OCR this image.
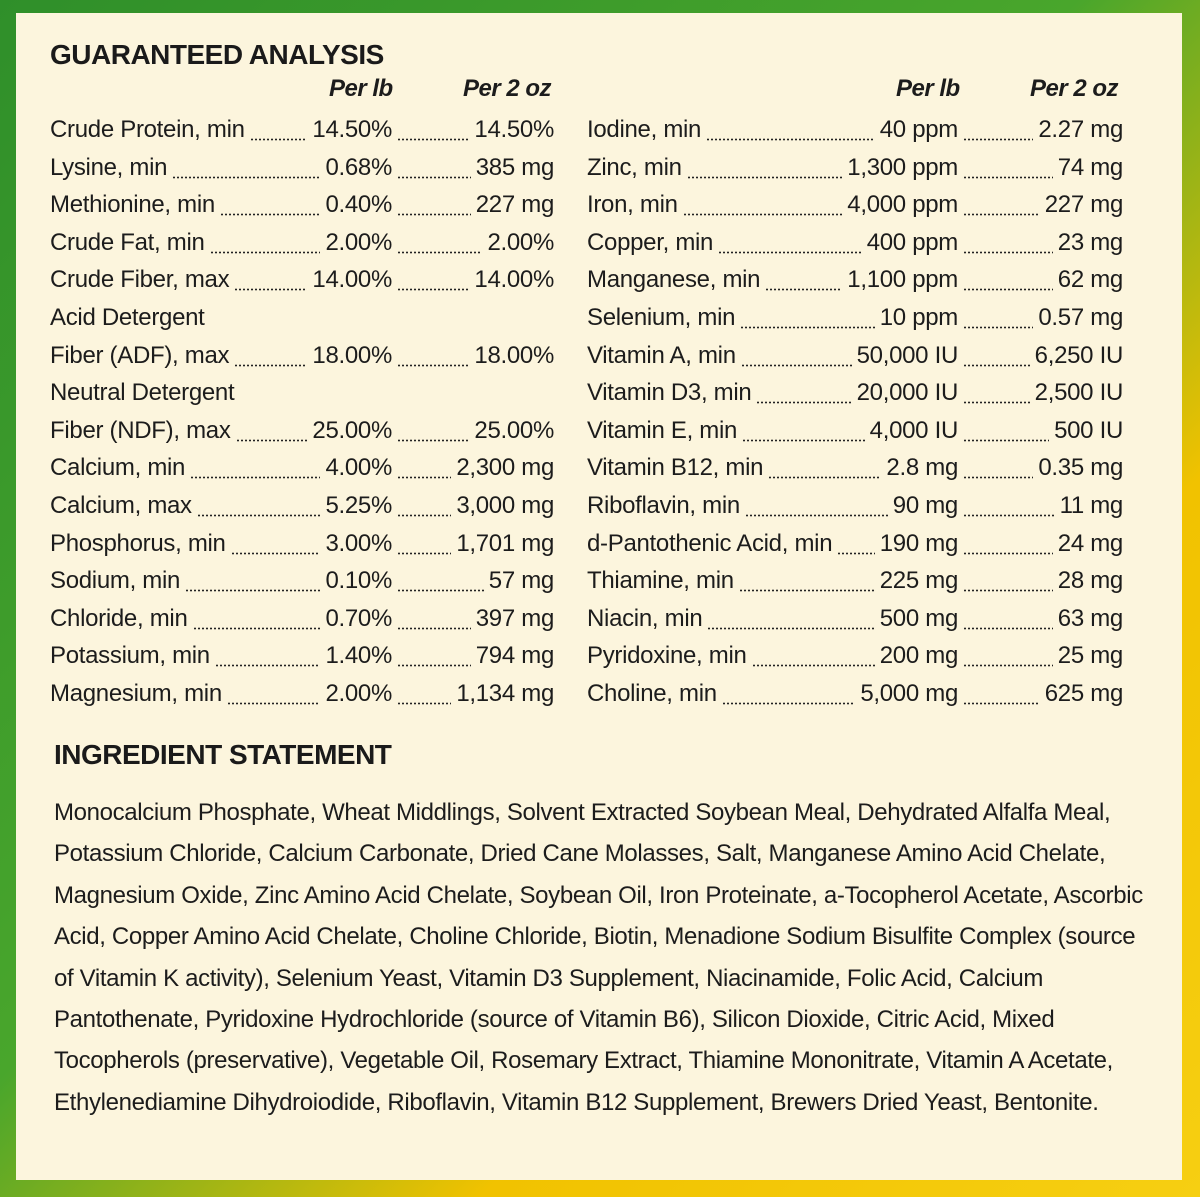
GUARANTEED ANALYSIS
Per lb	Per 2 oz	Per lb	Per 2 oz
Crude Protein, min	14.50%	14.50%
Lysine, min	0.68%	385 mg
Methionine, min	0.40%	227 mg
Crude Fat, min	2.00%	2.00%
Crude Fiber, max	14.00%	14.00%
Acid Detergent
Fiber (ADF), max	18.00%	18.00%
Neutral Detergent
Fiber (NDF), max	25.00%	25.00%
Calcium, min	4.00%	2,300 mg
Calcium, max	5.25%	3,000 mg
Phosphorus, min	3.00%	1,701 mg
Sodium, min	0.10%	57 mg
Chloride, min	0.70%	397 mg
Potassium, min	1.40%	794 mg
Magnesium, min	2.00%	1,134 mg
Iodine, min	40 ppm	2.27 mg
Zinc, min	1,300 ppm	74 mg
Iron, min	4,000 ppm	227 mg
Copper, min	400 ppm	23 mg
Manganese, min	1,100 ppm	62 mg
Selenium, min	10 ppm	0.57 mg
Vitamin A, min	50,000 IU	6,250 IU
Vitamin D3, min	20,000 IU	2,500 IU
Vitamin E, min	4,000 IU	500 IU
Vitamin B12, min	2.8 mg	0.35 mg
Riboflavin, min	90 mg	11 mg
d-Pantothenic Acid, min 190 mg	24 mg
Thiamine, min	225 mg	28 mg
Niacin, min	500 mg	63 mg
Pyridoxine, min	200 mg	25 mg
Choline, min	5,000 mg	625 mg
INGREDIENT STATEMENT
Monocalcium Phosphate, Wheat Middlings, Solvent Extracted Soybean Meal, Dehydrated Alfalfa Meal, Potassium Chloride, Calcium Carbonate, Dried Cane Molasses, Salt, Manganese Amino Acid Chelate, Magnesium Oxide, Zinc Amino Acid Chelate, Soybean Oil, Iron Proteinate, a-Tocopherol Acetate, Ascorbic Acid, Copper Amino Acid Chelate, Choline Chloride, Biotin, Menadione Sodium Bisulfite Complex (source of Vitamin K activity), Selenium Yeast, Vitamin D3 Supplement, Niacinamide, Folic Acid, Calcium Pantothenate, Pyridoxine Hydrochloride (source of Vitamin B6), Silicon Dioxide, Citric Acid, Mixed Tocopherols (preservative), Vegetable Oil, Rosemary Extract, Thiamine Mononitrate, Vitamin A Acetate, Ethylenediamine Dihydroiodide, Riboflavin, Vitamin B12 Supplement, Brewers Dried Yeast, Bentonite.
